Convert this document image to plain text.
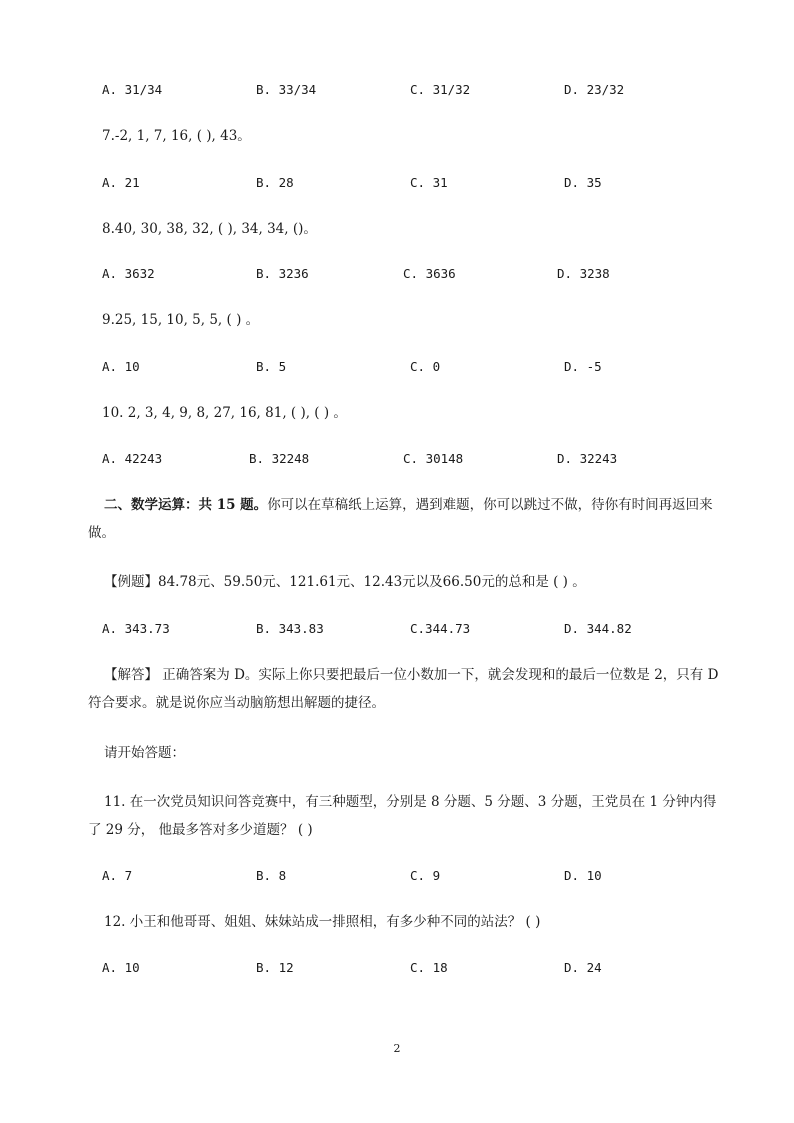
A. 31/34	B. 33/34	C. 31/32	D. 23/32
7.-2, 1, 7, 16, ( ), 43。
A. 21	B. 28	C. 31	D. 35
8.40, 30, 38, 32, ( ), 34, 34, ()。
A. 3632	B. 3236	C. 3636	D. 3238
9.25, 15, 10, 5, 5, ( ) 。
A. 10	B. 5	C. 0	D. -5
10. 2, 3, 4, 9, 8, 27, 16, 81, ( ), ( ) 。
A. 42243	B. 32248	C. 30148	D. 32243
二、数学运算：共 15 题。你可以在草稿纸上运算，遇到难题，你可以跳过不做，待你有时间再返回来做。
【例题】84.78元、59.50元、121.61元、12.43元以及66.50元的总和是 ( ) 。
A. 343.73	B. 343.83	C.344.73	D. 344.82
【解答】 正确答案为 D。实际上你只要把最后一位小数加一下，就会发现和的最后一位数是 2，只有 D 符合要求。就是说你应当动脑筋想出解题的捷径。
请开始答题：
11. 在一次党员知识问答竞赛中，有三种题型，分别是 8 分题、5 分题、3 分题，王党员在 1 分钟内得了 29 分， 他最多答对多少道题？ ( )
A. 7	B. 8	C. 9	D. 10
12. 小王和他哥哥、姐姐、妹妹站成一排照相，有多少种不同的站法？ ( )
A. 10	B. 12	C. 18	D. 24
2
